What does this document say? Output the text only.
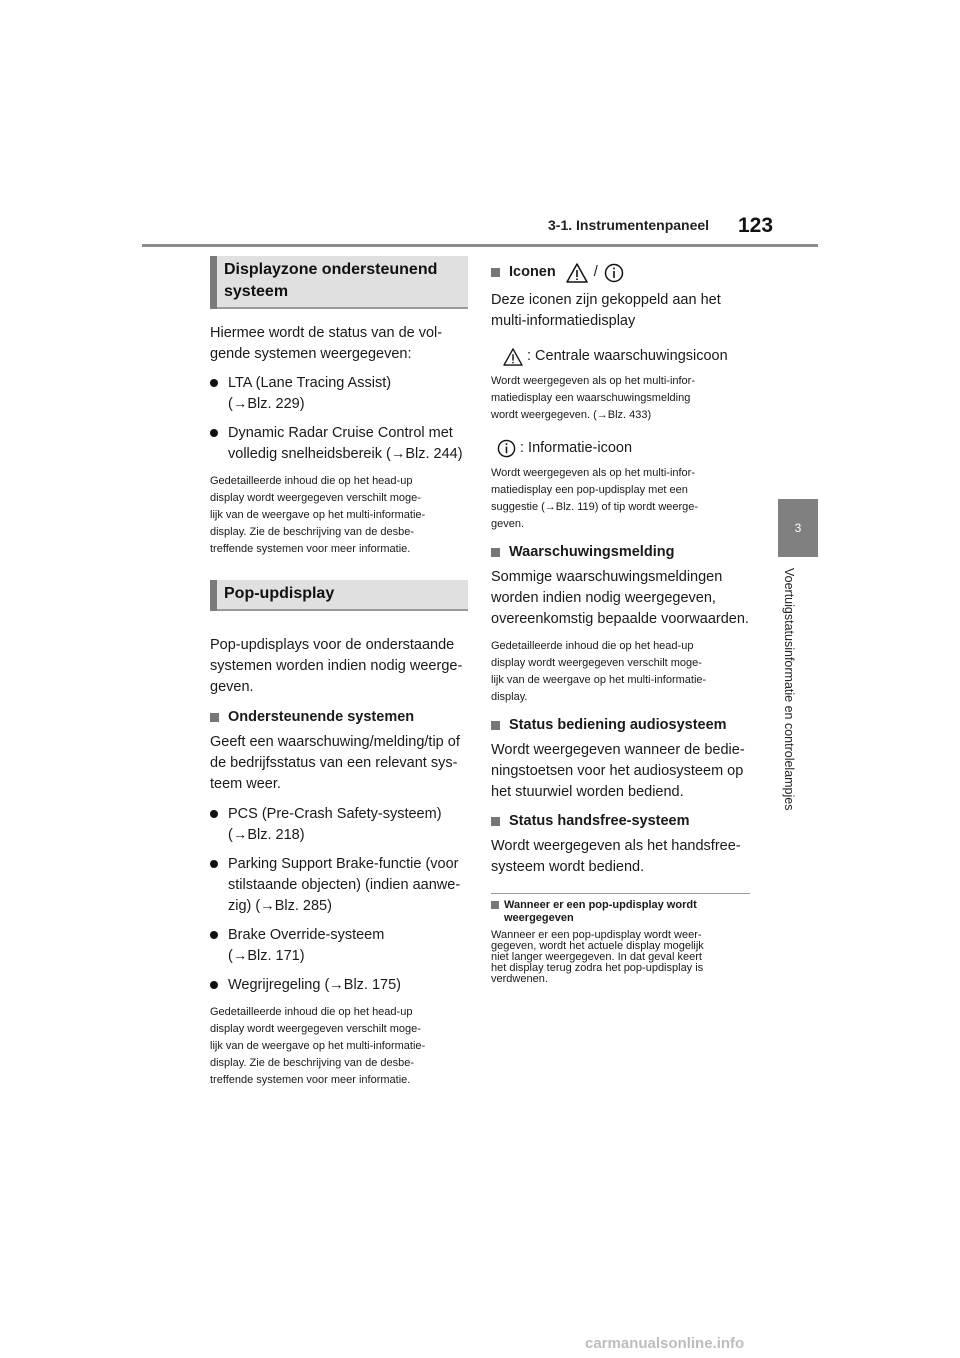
3-1. Instrumentenpaneel 123
3
Voertuigstatusinformatie en controlelampjes
Displayzone ondersteunend systeem

Hiermee wordt de status van de vol-

gende systemen weergegeven:

LTA (Lane Tracing Assist)
(→Blz. 229)
Dynamic Radar Cruise Control met
volledig snelheidsbereik (→Blz. 244)

Gedetailleerde inhoud die op het head-up

display wordt weergegeven verschilt moge-

lijk van de weergave op het multi-informatie-

display. Zie de beschrijving van de desbe-

treffende systemen voor meer informatie.

Pop-updisplay

Pop-updisplays voor de onderstaande

systemen worden indien nodig weerge-

geven.

Ondersteunende systemen

Geeft een waarschuwing/melding/tip of

de bedrijfsstatus van een relevant sys-

teem weer.

PCS (Pre-Crash Safety-systeem)
(→Blz. 218)
Parking Support Brake-functie (voor
stilstaande objecten) (indien aanwe-
zig) (→Blz. 285)
Brake Override-systeem
(→Blz. 171)
Wegrijregeling (→Blz. 175)

Gedetailleerde inhoud die op het head-up

display wordt weergegeven verschilt moge-

lijk van de weergave op het multi-informatie-

display. Zie de beschrijving van de desbe-

treffende systemen voor meer informatie.

Iconen	/

Deze iconen zijn gekoppeld aan het

multi-informatiedisplay

: Centrale waarschuwingsicoon

Wordt weergegeven als op het multi-infor-

matiedisplay een waarschuwingsmelding

wordt weergegeven. (→Blz. 433)

: Informatie-icoon

Wordt weergegeven als op het multi-infor-

matiedisplay een pop-updisplay met een

suggestie (→Blz. 119) of tip wordt weerge-

geven.

Waarschuwingsmelding

Sommige waarschuwingsmeldingen

worden indien nodig weergegeven,

overeenkomstig bepaalde voorwaarden.

Gedetailleerde inhoud die op het head-up

display wordt weergegeven verschilt moge-

lijk van de weergave op het multi-informatie-

display.

Status bediening audiosysteem

Wordt weergegeven wanneer de bedie-

ningstoetsen voor het audiosysteem op

het stuurwiel worden bediend.

Status handsfree-systeem

Wordt weergegeven als het handsfree-

systeem wordt bediend.

Wanneer er een pop-updisplay wordt
weergegeven

Wanneer er een pop-updisplay wordt weer-

gegeven, wordt het actuele display mogelijk

niet langer weergegeven. In dat geval keert

het display terug zodra het pop-updisplay is

verdwenen.

carmanualsonline.info
